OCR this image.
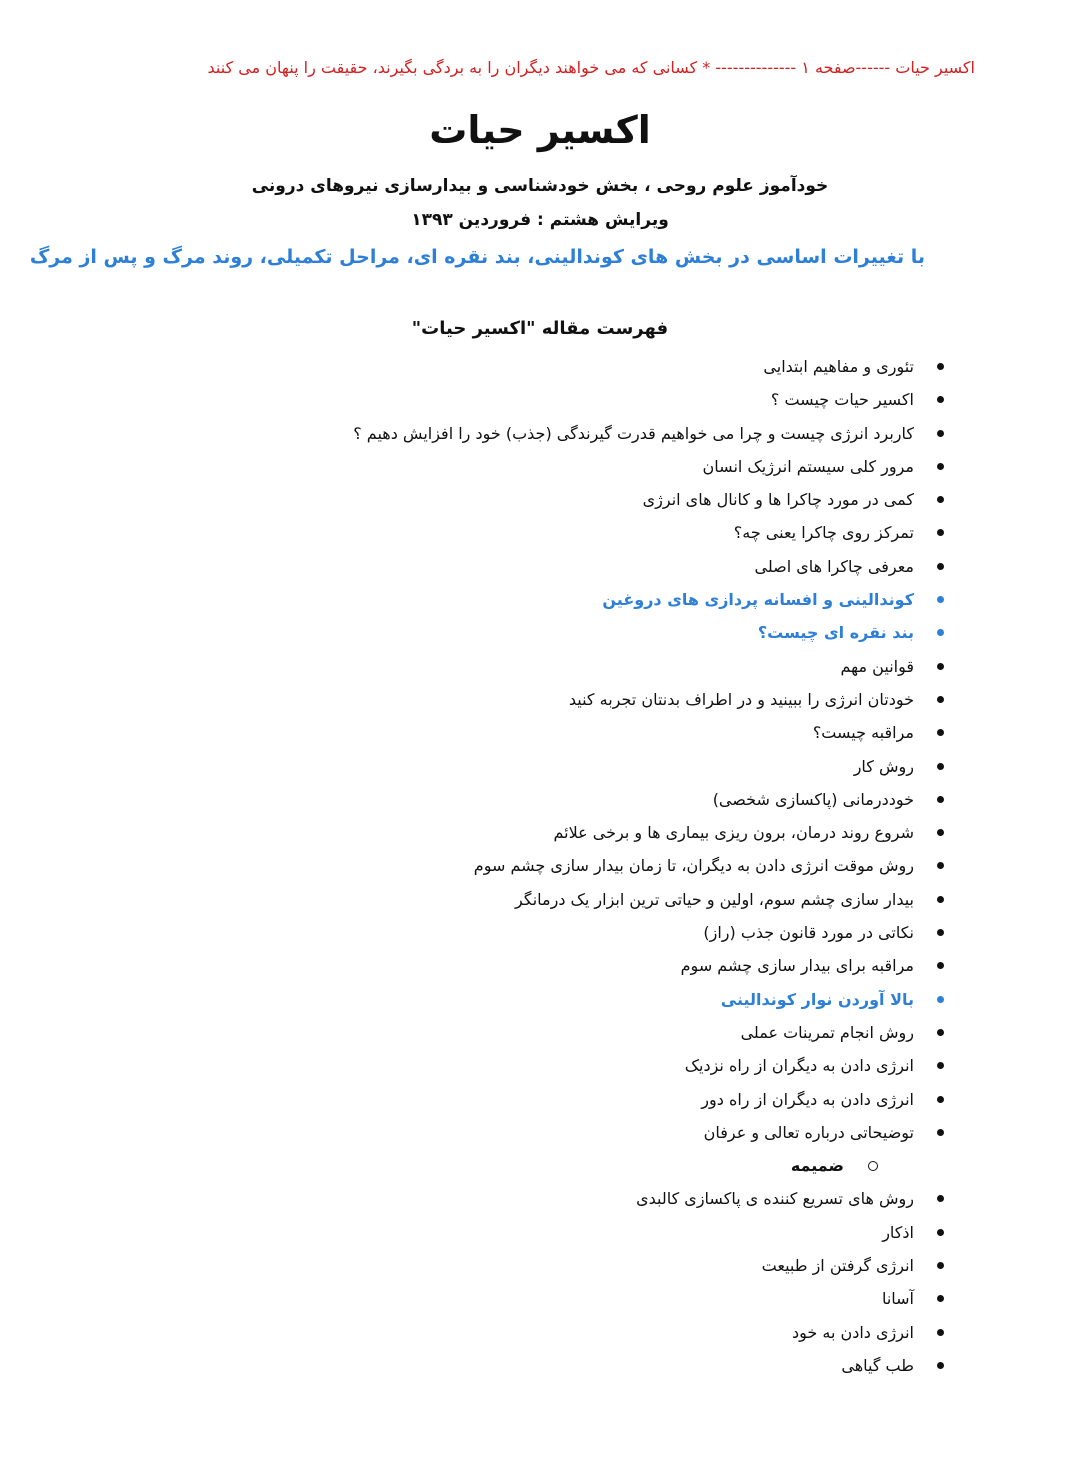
اکسیر حیات ------صفحه ۱ -------------- * کسانی که می خواهند دیگران را به بردگی بگیرند، حقیقت را پنهان می کنند
اکسیر حیات
خودآموز علوم روحی ، بخش خودشناسی و بیدارسازی نیروهای درونی
ویرایش هشتم : فروردین ۱۳۹۳
با تغییرات اساسی در بخش های کوندالینی، بند نقره ای، مراحل تکمیلی، روند مرگ و پس از مرگ
فهرست مقاله "اکسیر حیات"
تئوری و مفاهیم ابتدایی
اکسیر حیات چیست ؟
کاربرد انرژی چیست و چرا می خواهیم قدرت گیرندگی (جذب) خود را افزایش دهیم ؟
مرور کلی سیستم انرژیک انسان
کمی در مورد چاکرا ها و کانال های انرژی
تمرکز روی چاکرا یعنی چه؟
معرفی چاکرا های اصلی
کوندالینی و افسانه پردازی های دروغین
بند نقره ای چیست؟
قوانین مهم
خودتان انرژی را ببینید و در اطراف بدنتان تجربه کنید
مراقبه چیست؟
روش کار
خوددرمانی (پاکسازی شخصی)
شروع روند درمان، برون ریزی بیماری ها و برخی علائم
روش موقت انرژی دادن به دیگران، تا زمان بیدار سازی چشم سوم
بیدار سازی چشم سوم، اولین و حیاتی ترین ابزار یک درمانگر
نکاتی در مورد قانون جذب (راز)
مراقبه برای بیدار سازی چشم سوم
بالا آوردن نوار کوندالینی
روش انجام تمرینات عملی
انرژی دادن به دیگران از راه نزدیک
انرژی دادن به دیگران از راه دور
توضیحاتی درباره تعالی و عرفان
ضمیمه
روش های تسریع کننده ی پاکسازی کالبدی
اذکار
انرژی گرفتن از طبیعت
آسانا
انرژی دادن به خود
طب گیاهی
